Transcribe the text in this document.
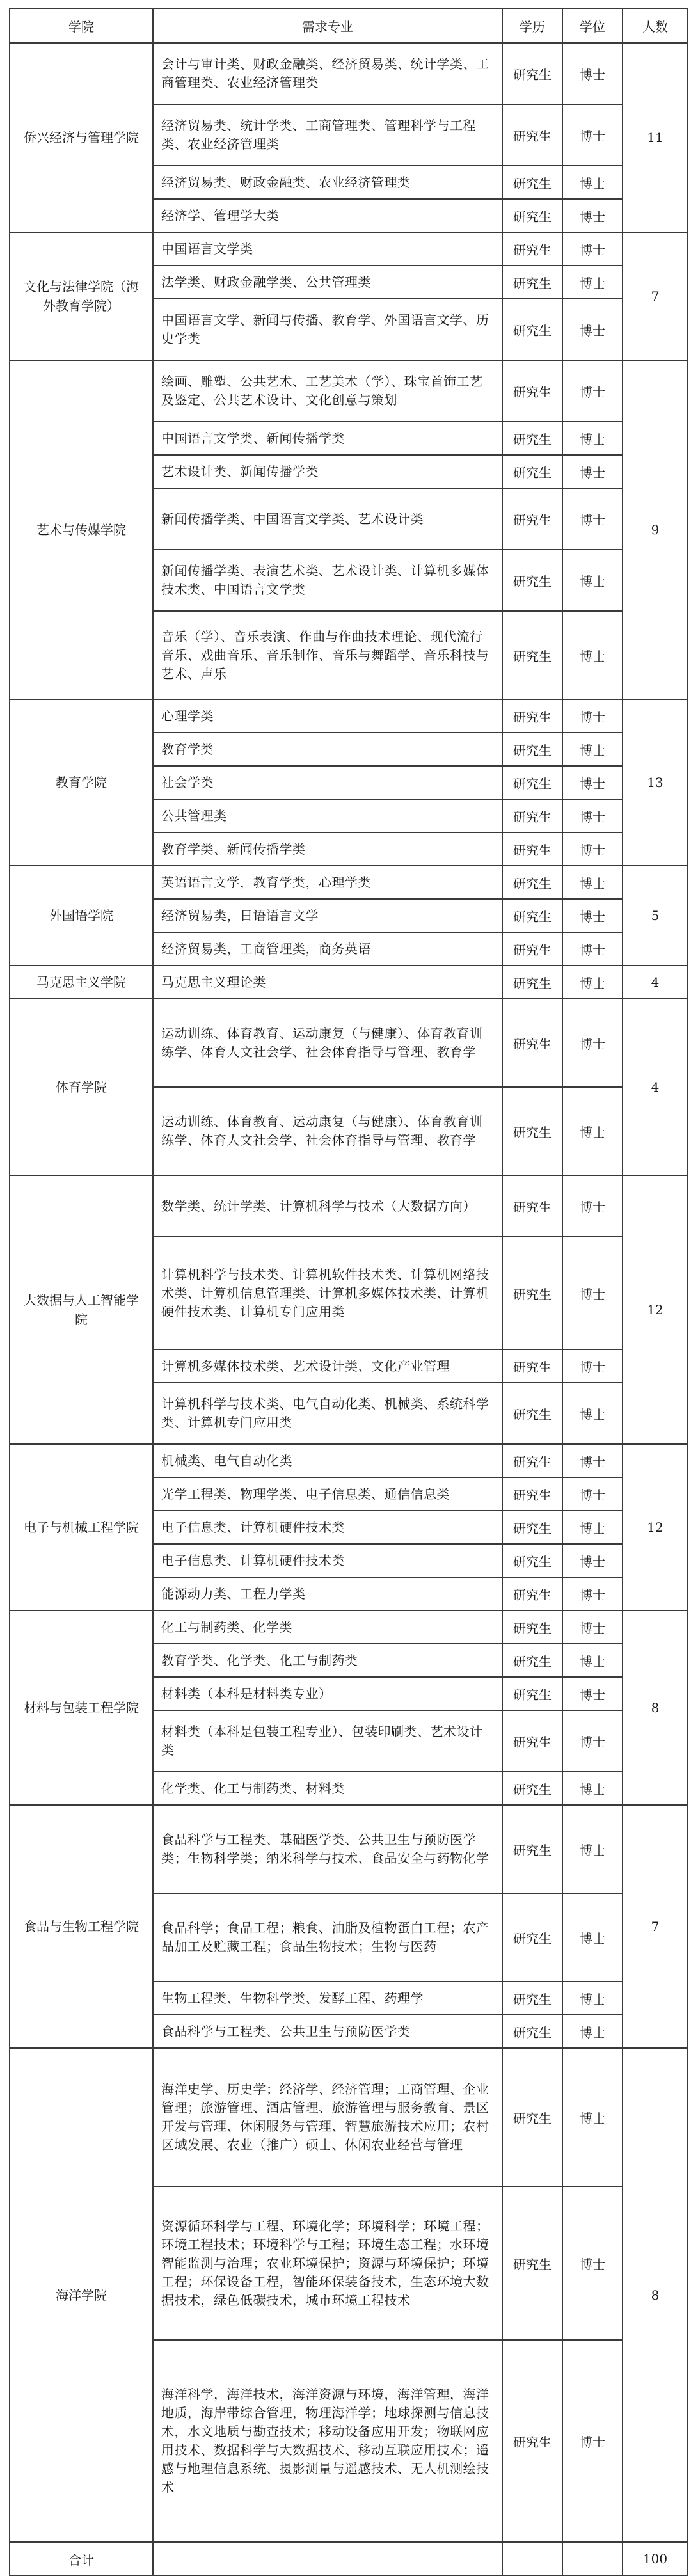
学院	需求专业	学历	学位	人数

侨兴经济与管理学院	会计与审计类、财政金融类、经济贸易类、统计学类、工商管理类、农业经济管理类	研究生	博士	11

	经济贸易类、统计学类、工商管理类、管理科学与工程类、农业经济管理类	研究生	博士	

	经济贸易类、财政金融类、农业经济管理类	研究生	博士	

	经济学、管理学大类	研究生	博士	

文化与法律学院（海外教育学院）	中国语言文学类	研究生	博士	7

	法学类、财政金融学类、公共管理类	研究生	博士	

	中国语言文学、新闻与传播、教育学、外国语言文学、历史学类	研究生	博士	

艺术与传媒学院	绘画、雕塑、公共艺术、工艺美术（学）、珠宝首饰工艺及鉴定、公共艺术设计、文化创意与策划	研究生	博士	9

	中国语言文学类、新闻传播学类	研究生	博士	

	艺术设计类、新闻传播学类	研究生	博士	

	新闻传播学类、中国语言文学类、艺术设计类	研究生	博士	

	新闻传播学类、表演艺术类、艺术设计类、计算机多媒体技术类、中国语言文学类	研究生	博士	

	音乐（学）、音乐表演、作曲与作曲技术理论、现代流行音乐、戏曲音乐、音乐制作、音乐与舞蹈学、音乐科技与艺术、声乐	研究生	博士	

教育学院	心理学类	研究生	博士	13

	教育学类	研究生	博士	

	社会学类	研究生	博士	

	公共管理类	研究生	博士	

	教育学类、新闻传播学类	研究生	博士	

外国语学院	英语语言文学，教育学类，心理学类	研究生	博士	5

	经济贸易类，日语语言文学	研究生	博士	

	经济贸易类，工商管理类，商务英语	研究生	博士	

马克思主义学院	马克思主义理论类	研究生	博士	4

体育学院	运动训练、体育教育、运动康复（与健康）、体育教育训练学、体育人文社会学、社会体育指导与管理、教育学	研究生	博士	4

	运动训练、体育教育、运动康复（与健康）、体育教育训练学、体育人文社会学、社会体育指导与管理、教育学	研究生	博士	

大数据与人工智能学院	数学类、统计学类、计算机科学与技术（大数据方向）	研究生	博士	12

	计算机科学与技术类、计算机软件技术类、计算机网络技术类、计算机信息管理类、计算机多媒体技术类、计算机硬件技术类、计算机专门应用类	研究生	博士	

	计算机多媒体技术类、艺术设计类、文化产业管理	研究生	博士	

	计算机科学与技术类、电气自动化类、机械类、系统科学类、计算机专门应用类	研究生	博士	

电子与机械工程学院	机械类、电气自动化类	研究生	博士	12

	光学工程类、物理学类、电子信息类、通信信息类	研究生	博士	

	电子信息类、计算机硬件技术类	研究生	博士	

	电子信息类、计算机硬件技术类	研究生	博士	

	能源动力类、工程力学类	研究生	博士	

材料与包装工程学院	化工与制药类、化学类	研究生	博士	8

	教育学类、化学类、化工与制药类	研究生	博士	

	材料类（本科是材料类专业）	研究生	博士	

	材料类（本科是包装工程专业）、包装印刷类、艺术设计类	研究生	博士	

	化学类、化工与制药类、材料类	研究生	博士	

食品与生物工程学院	食品科学与工程类、基础医学类、公共卫生与预防医学类；生物科学类；纳米科学与技术、食品安全与药物化学	研究生	博士	7

	食品科学；食品工程；粮食、油脂及植物蛋白工程；农产品加工及贮藏工程；食品生物技术；生物与医药	研究生	博士	

	生物工程类、生物科学类、发酵工程、药理学	研究生	博士	

	食品科学与工程类、公共卫生与预防医学类	研究生	博士	

海洋学院	海洋史学、历史学；经济学、经济管理；工商管理、企业管理；旅游管理、酒店管理、旅游管理与服务教育、景区开发与管理、休闲服务与管理、智慧旅游技术应用；农村区域发展、农业（推广）硕士、休闲农业经营与管理	研究生	博士	8

	资源循环科学与工程、环境化学；环境科学；环境工程；环境工程技术；环境科学与工程；环境生态工程；水环境智能监测与治理；农业环境保护；资源与环境保护；环境工程；环保设备工程，智能环保装备技术，生态环境大数据技术，绿色低碳技术，城市环境工程技术	研究生	博士	

	海洋科学，海洋技术，海洋资源与环境，海洋管理，海洋地质，海岸带综合管理，物理海洋学；地球探测与信息技术，水文地质与勘查技术；移动设备应用开发；物联网应用技术、数据科学与大数据技术、移动互联应用技术；遥感与地理信息系统、摄影测量与遥感技术、无人机测绘技术	研究生	博士	
合计				100
